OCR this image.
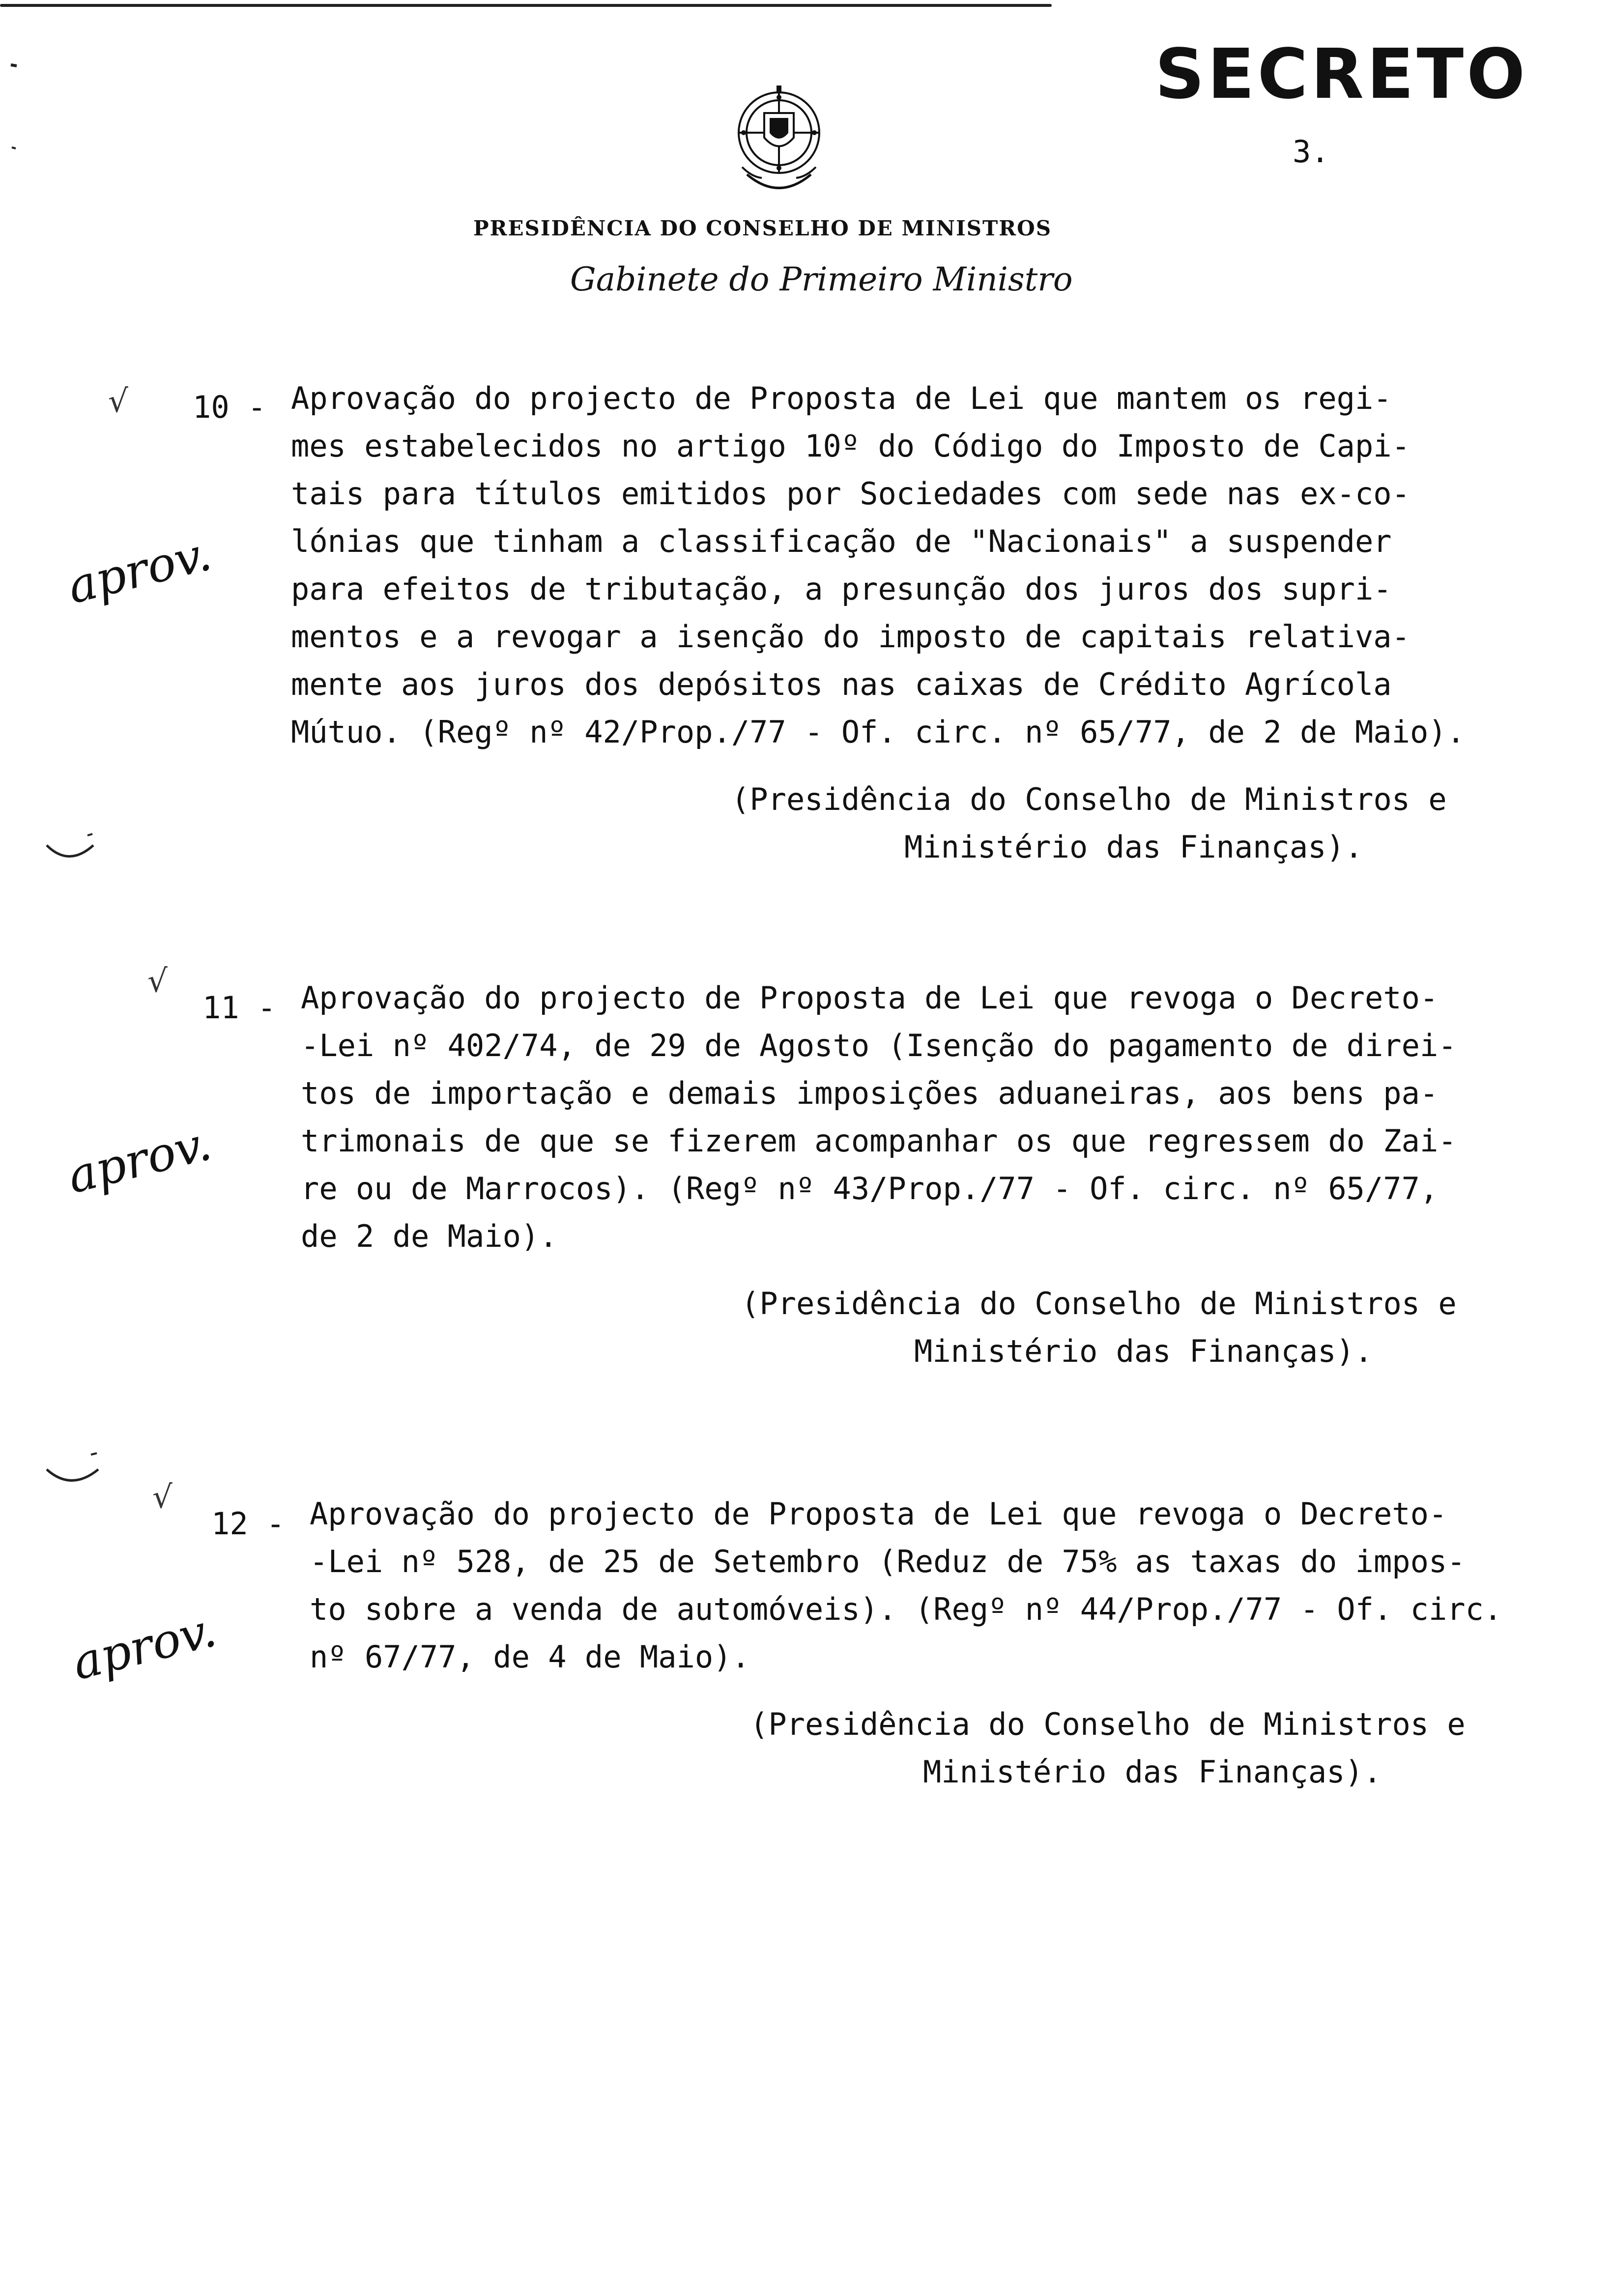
SECRETO
3.
PRESIDÊNCIA DO CONSELHO DE MINISTROS
Gabinete do Primeiro Ministro
√ 10 - Aprovação do projecto de Proposta de Lei que mantem os regi-
mes estabelecidos no artigo 10º do Código do Imposto de Capi-
tais para títulos emitidos por Sociedades com sede nas ex-co-
lónias que tinham a classificação de "Nacionais" a suspender
para efeitos de tributação, a presunção dos juros dos supri-
mentos e a revogar a isenção do imposto de capitais relativa-
mente aos juros dos depósitos nas caixas de Crédito Agrícola
Mútuo. (Regº nº 42/Prop./77 - Of. circ. nº 65/77, de 2 de Maio).
(Presidência do Conselho de Ministros e
Ministério das Finanças).
aprov.
√
11 - Aprovação do projecto de Proposta de Lei que revoga o Decreto-
-Lei nº 402/74, de 29 de Agosto (Isenção do pagamento de direi-
tos de importação e demais imposições aduaneiras, aos bens pa-
trimonais de que se fizerem acompanhar os que regressem do Zai-
re ou de Marrocos). (Regº nº 43/Prop./77 - Of. circ. nº 65/77,
de 2 de Maio).
(Presidência do Conselho de Ministros e
Ministério das Finanças).
aprov.
√
12 - Aprovação do projecto de Proposta de Lei que revoga o Decreto-
-Lei nº 528, de 25 de Setembro (Reduz de 75% as taxas do impos-
to sobre a venda de automóveis). (Regº nº 44/Prop./77 - Of. circ.
nº 67/77, de 4 de Maio).
(Presidência do Conselho de Ministros e
Ministério das Finanças).
aprov.
